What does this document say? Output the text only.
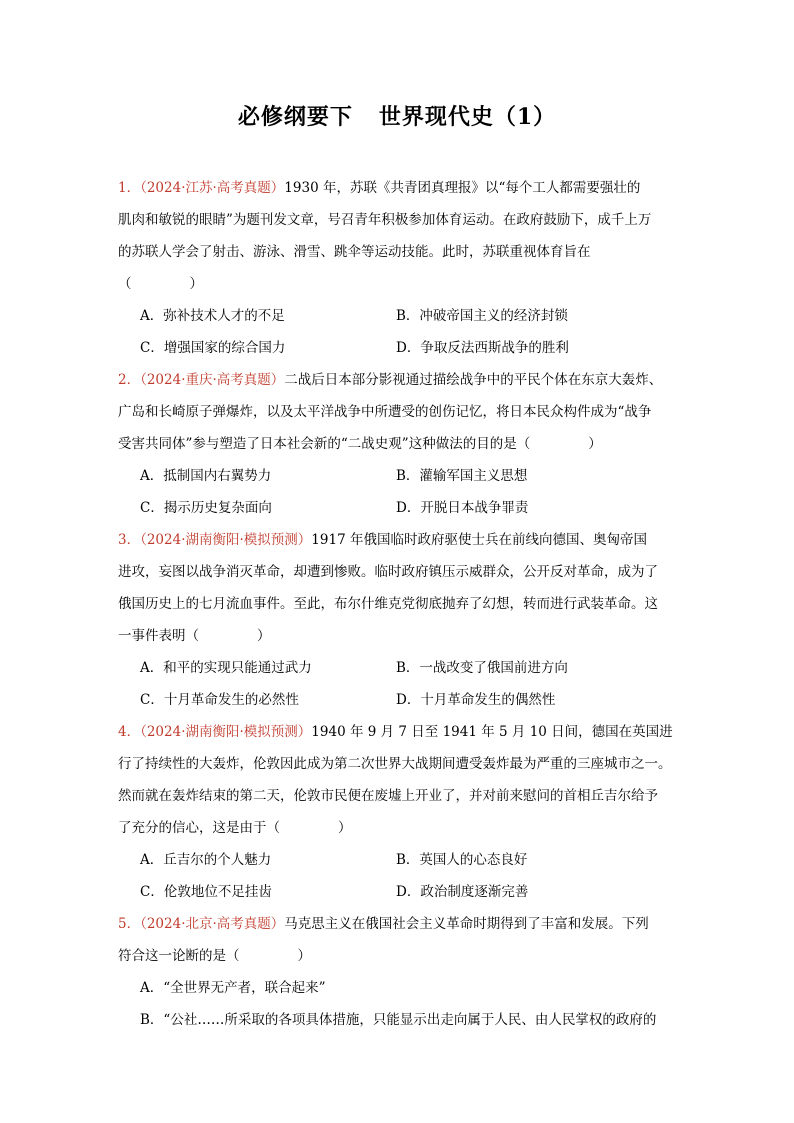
必修纲要下 世界现代史（1）
1．（2024·江苏·高考真题）1930 年，苏联《共青团真理报》以“每个工人都需要强壮的
肌肉和敏锐的眼睛”为题刊发文章，号召青年积极参加体育运动。在政府鼓励下，成千上万
的苏联人学会了射击、游泳、滑雪、跳伞等运动技能。此时，苏联重视体育旨在
（	）
A．弥补技术人才的不足	B．冲破帝国主义的经济封锁
C．增强国家的综合国力	D．争取反法西斯战争的胜利
2．（2024·重庆·高考真题）二战后日本部分影视通过描绘战争中的平民个体在东京大轰炸、
广岛和长崎原子弹爆炸，以及太平洋战争中所遭受的创伤记忆，将日本民众构件成为“战争
受害共同体”参与塑造了日本社会新的“二战史观”这种做法的目的是（	）
A．抵制国内右翼势力	B．灌输军国主义思想
C．揭示历史复杂面向	D．开脱日本战争罪责
3．（2024·湖南衡阳·模拟预测）1917 年俄国临时政府驱使士兵在前线向德国、奥匈帝国
进攻，妄图以战争消灭革命，却遭到惨败。临时政府镇压示威群众，公开反对革命，成为了
俄国历史上的七月流血事件。至此，布尔什维克党彻底抛弃了幻想，转而进行武装革命。这
一事件表明（	）
A．和平的实现只能通过武力	B．一战改变了俄国前进方向
C．十月革命发生的必然性	D．十月革命发生的偶然性
4．（2024·湖南衡阳·模拟预测）1940 年 9 月 7 日至 1941 年 5 月 10 日间，德国在英国进
行了持续性的大轰炸，伦敦因此成为第二次世界大战期间遭受轰炸最为严重的三座城市之一。
然而就在轰炸结束的第二天，伦敦市民便在废墟上开业了，并对前来慰问的首相丘吉尔给予
了充分的信心，这是由于（	）
A．丘吉尔的个人魅力	B．英国人的心态良好
C．伦敦地位不足挂齿	D．政治制度逐渐完善
5．（2024·北京·高考真题）马克思主义在俄国社会主义革命时期得到了丰富和发展。下列
符合这一论断的是（	）
A．“全世界无产者，联合起来”
B．“公社……所采取的各项具体措施，只能显示出走向属于人民、由人民掌权的政府的
